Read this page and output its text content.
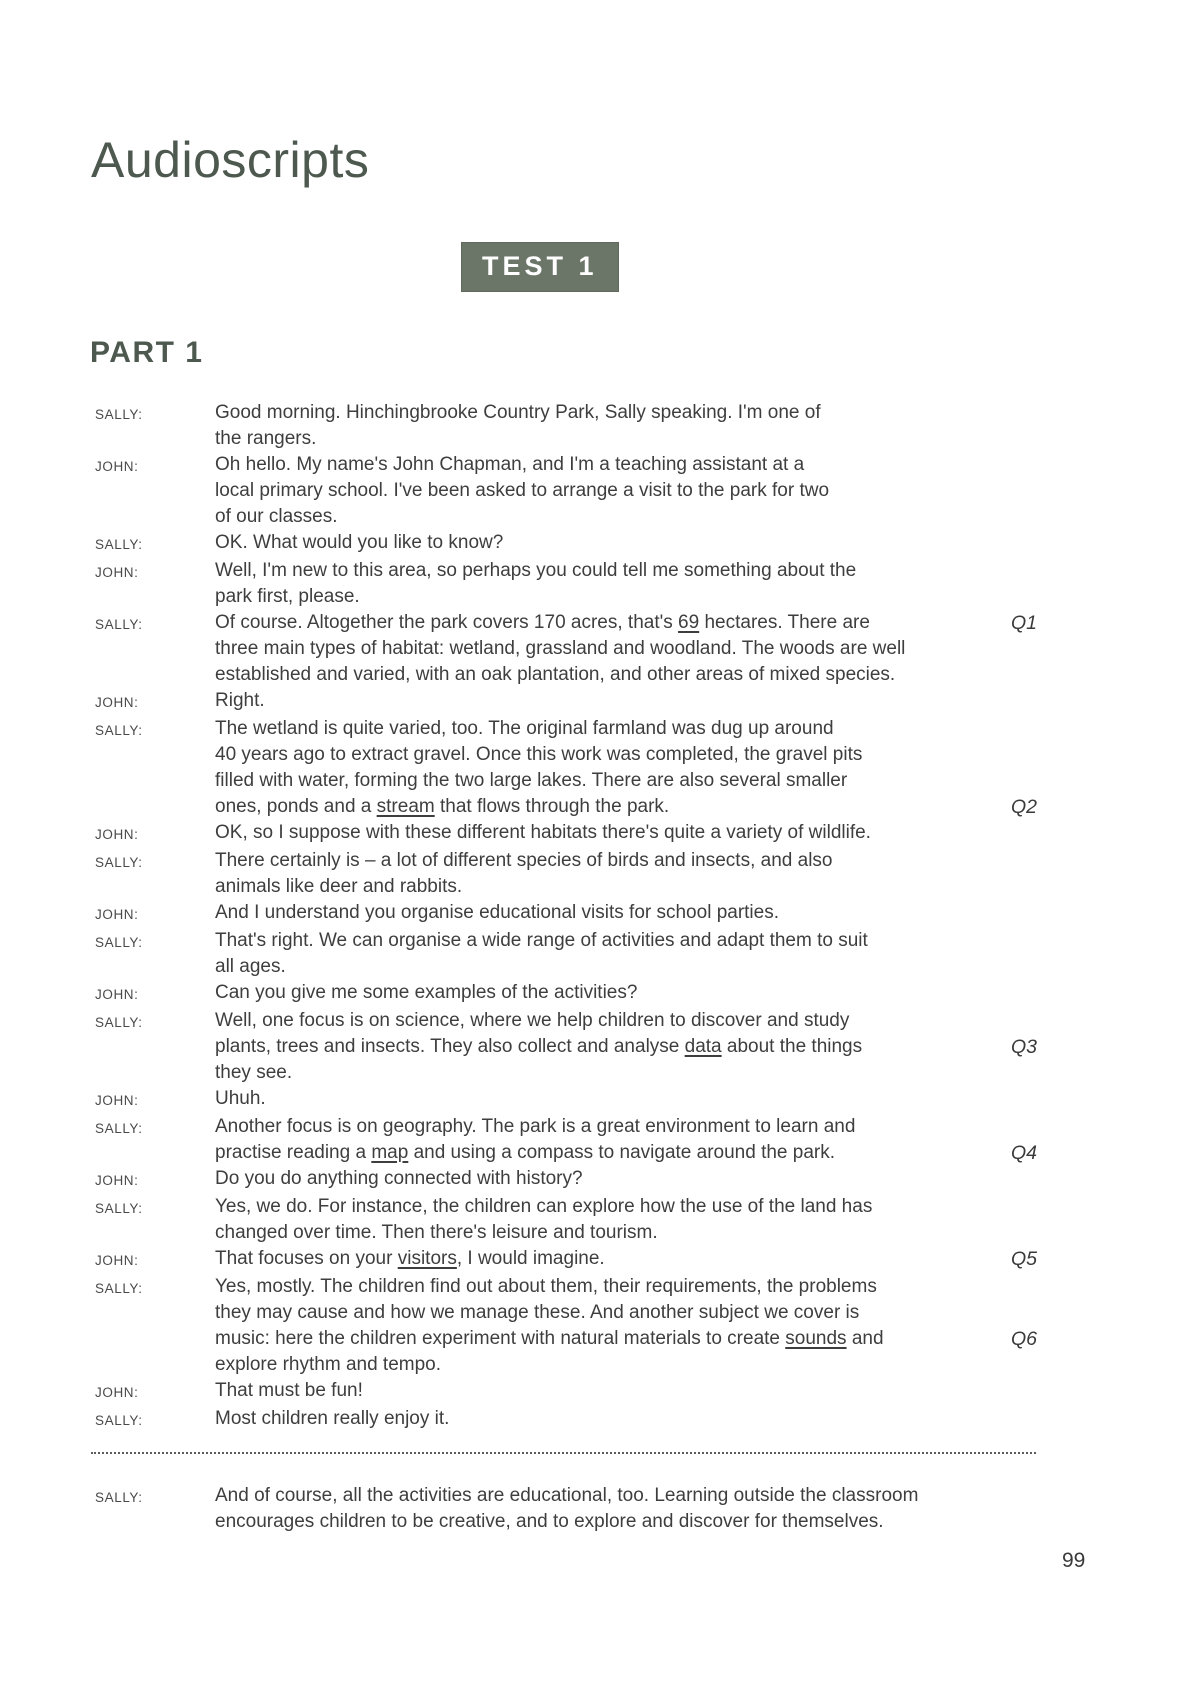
Audioscripts
TEST 1
PART 1
SALLY:	Good morning. Hinchingbrooke Country Park, Sally speaking. I'm one of
the rangers.
JOHN:	Oh hello. My name's John Chapman, and I'm a teaching assistant at a
local primary school. I've been asked to arrange a visit to the park for two
of our classes.
SALLY:	OK. What would you like to know?
JOHN:	Well, I'm new to this area, so perhaps you could tell me something about the
park first, please.
SALLY:	Of course. Altogether the park covers 170 acres, that's 69 hectares. There are	Q1
three main types of habitat: wetland, grassland and woodland. The woods are well
established and varied, with an oak plantation, and other areas of mixed species.
JOHN:	Right.
SALLY:	The wetland is quite varied, too. The original farmland was dug up around
40 years ago to extract gravel. Once this work was completed, the gravel pits
filled with water, forming the two large lakes. There are also several smaller
ones, ponds and a stream that flows through the park.	Q2
JOHN:	OK, so I suppose with these different habitats there's quite a variety of wildlife.
SALLY:	There certainly is – a lot of different species of birds and insects, and also
animals like deer and rabbits.
JOHN:	And I understand you organise educational visits for school parties.
SALLY:	That's right. We can organise a wide range of activities and adapt them to suit
all ages.
JOHN:	Can you give me some examples of the activities?
SALLY:	Well, one focus is on science, where we help children to discover and study
plants, trees and insects. They also collect and analyse data about the things	Q3
they see.
JOHN:	Uhuh.
SALLY:	Another focus is on geography. The park is a great environment to learn and
practise reading a map and using a compass to navigate around the park.	Q4
JOHN:	Do you do anything connected with history?
SALLY:	Yes, we do. For instance, the children can explore how the use of the land has
changed over time. Then there's leisure and tourism.
JOHN:	That focuses on your visitors, I would imagine.	Q5
SALLY:	Yes, mostly. The children find out about them, their requirements, the problems
they may cause and how we manage these. And another subject we cover is
music: here the children experiment with natural materials to create sounds and	Q6
explore rhythm and tempo.
JOHN:	That must be fun!
SALLY:	Most children really enjoy it.
SALLY:	And of course, all the activities are educational, too. Learning outside the classroom
encourages children to be creative, and to explore and discover for themselves.
99
